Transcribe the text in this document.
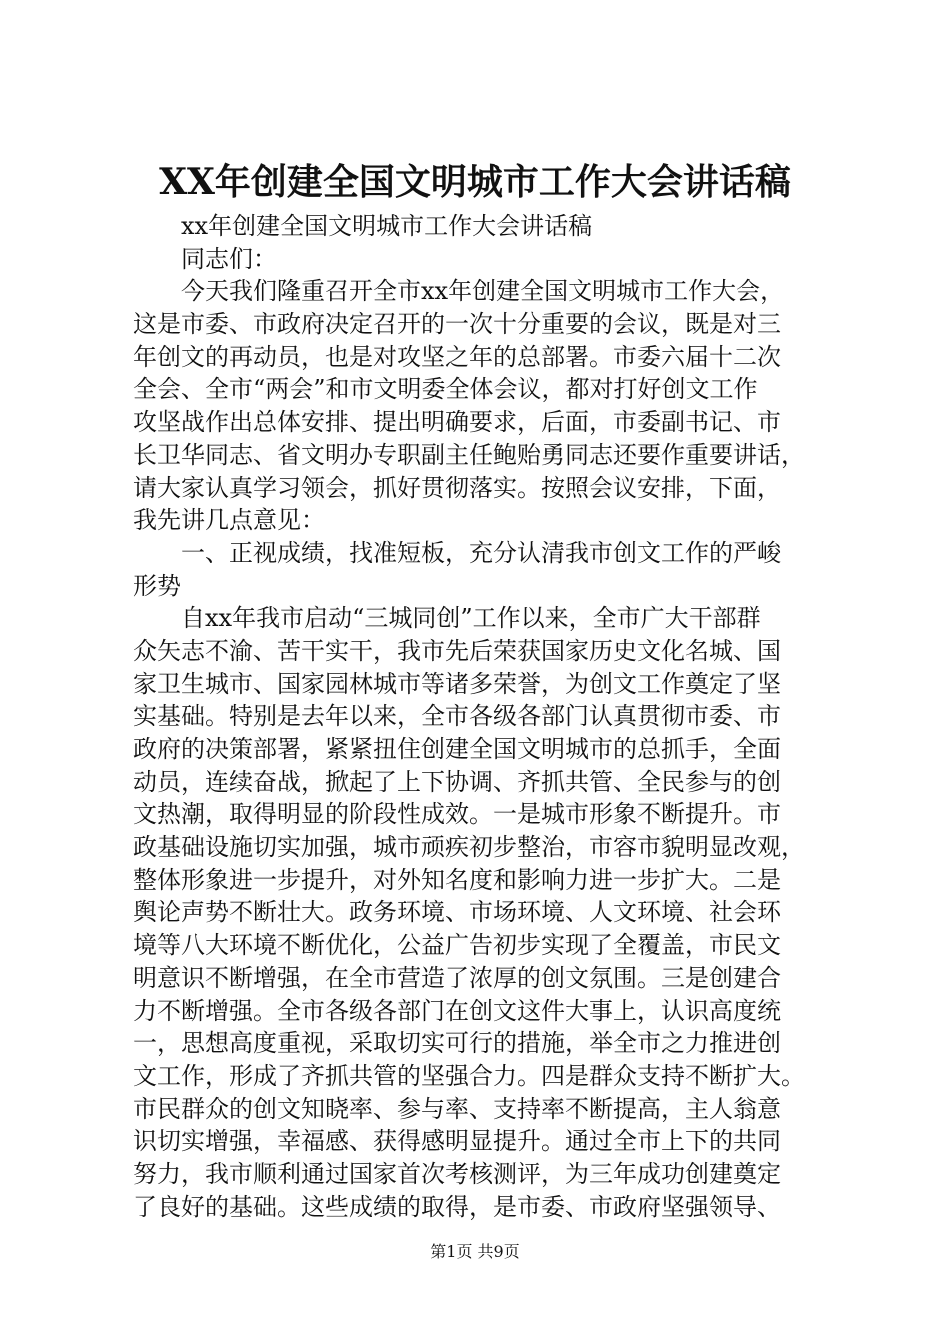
XX年创建全国文明城市工作大会讲话稿
xx年创建全国文明城市工作大会讲话稿
同志们：
今天我们隆重召开全市xx年创建全国文明城市工作大会，
这是市委、市政府决定召开的一次十分重要的会议，既是对三
年创文的再动员，也是对攻坚之年的总部署。市委六届十二次
全会、全市“两会”和市文明委全体会议，都对打好创文工作
攻坚战作出总体安排、提出明确要求，后面，市委副书记、市
长卫华同志、省文明办专职副主任鲍贻勇同志还要作重要讲话，
请大家认真学习领会，抓好贯彻落实。按照会议安排，下面，
我先讲几点意见：
一、正视成绩，找准短板，充分认清我市创文工作的严峻
形势
自xx年我市启动“三城同创”工作以来，全市广大干部群
众矢志不渝、苦干实干，我市先后荣获国家历史文化名城、国
家卫生城市、国家园林城市等诸多荣誉，为创文工作奠定了坚
实基础。特别是去年以来，全市各级各部门认真贯彻市委、市
政府的决策部署，紧紧扭住创建全国文明城市的总抓手，全面
动员，连续奋战，掀起了上下协调、齐抓共管、全民参与的创
文热潮，取得明显的阶段性成效。一是城市形象不断提升。市
政基础设施切实加强，城市顽疾初步整治，市容市貌明显改观，
整体形象进一步提升，对外知名度和影响力进一步扩大。二是
舆论声势不断壮大。政务环境、市场环境、人文环境、社会环
境等八大环境不断优化，公益广告初步实现了全覆盖，市民文
明意识不断增强，在全市营造了浓厚的创文氛围。三是创建合
力不断增强。全市各级各部门在创文这件大事上，认识高度统
一，思想高度重视，采取切实可行的措施，举全市之力推进创
文工作，形成了齐抓共管的坚强合力。四是群众支持不断扩大。
市民群众的创文知晓率、参与率、支持率不断提高，主人翁意
识切实增强，幸福感、获得感明显提升。通过全市上下的共同
努力，我市顺利通过国家首次考核测评，为三年成功创建奠定
了良好的基础。这些成绩的取得，是市委、市政府坚强领导、
第1页 共9页
